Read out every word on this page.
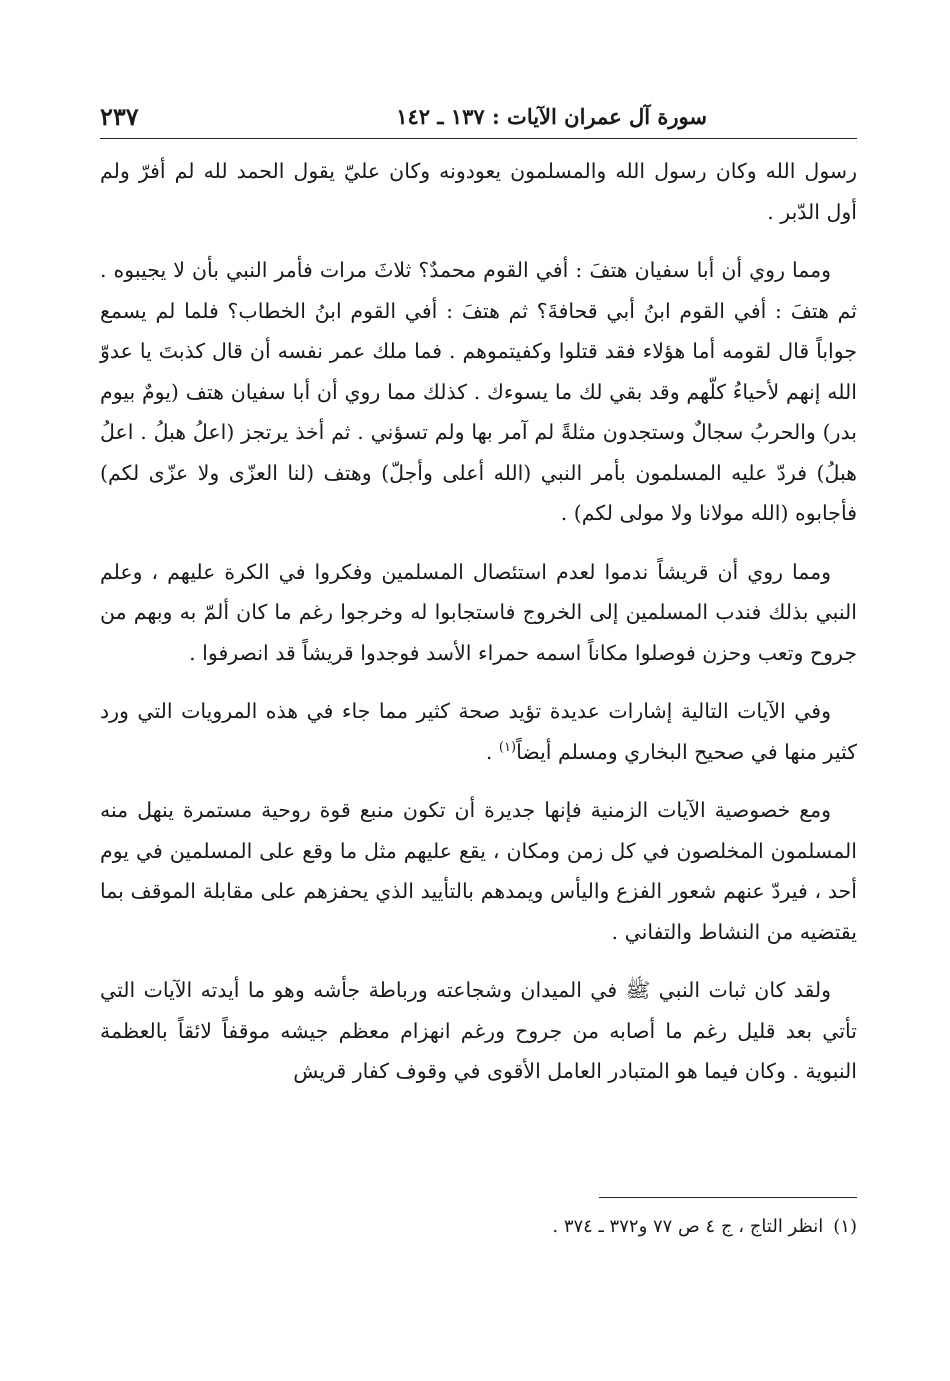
سورة آل عمران الآيات : ١٣٧ ـ ١٤٢
٢٣٧

رسول الله وكان رسول الله والمسلمون يعودونه وكان عليّ يقول الحمد لله لم أفرّ ولم أول الدّبر .

ومما روي أن أبا سفيان هتفَ : أفي القوم محمدٌ؟ ثلاثَ مرات فأمر النبي بأن لا يجيبوه . ثم هتفَ : أفي القوم ابنُ أبي قحافةَ؟ ثم هتفَ : أفي القوم ابنُ الخطاب؟ فلما لم يسمع جواباً قال لقومه أما هؤلاء فقد قتلوا وكفيتموهم . فما ملك عمر نفسه أن قال كذبتَ يا عدوّ الله إنهم لأحياءُ كلّهم وقد بقي لك ما يسوءك . كذلك مما روي أن أبا سفيان هتف (يومٌ بيوم بدر) والحربُ سجالٌ وستجدون مثلةً لم آمر بها ولم تسؤني . ثم أخذ يرتجز (اعلُ هبلُ . اعلُ هبلُ) فردّ عليه المسلمون بأمر النبي (الله أعلى وأجلّ) وهتف (لنا العزّى ولا عزّى لكم) فأجابوه (الله مولانا ولا مولى لكم) .

ومما روي أن قريشاً ندموا لعدم استئصال المسلمين وفكروا في الكرة عليهم ، وعلم النبي بذلك فندب المسلمين إلى الخروج فاستجابوا له وخرجوا رغم ما كان ألمّ به وبهم من جروح وتعب وحزن فوصلوا مكاناً اسمه حمراء الأسد فوجدوا قريشاً قد انصرفوا .

وفي الآيات التالية إشارات عديدة تؤيد صحة كثير مما جاء في هذه المرويات التي ورد كثير منها في صحيح البخاري ومسلم أيضاً$^{(١)}$ .

ومع خصوصية الآيات الزمنية فإنها جديرة أن تكون منبع قوة روحية مستمرة ينهل منه المسلمون المخلصون في كل زمن ومكان ، يقع عليهم مثل ما وقع على المسلمين في يوم أحد ، فيردّ عنهم شعور الفزع واليأس ويمدهم بالتأييد الذي يحفزهم على مقابلة الموقف بما يقتضيه من النشاط والتفاني .

ولقد كان ثبات النبي ﷺ في الميدان وشجاعته ورباطة جأشه وهو ما أيدته الآيات التي تأتي بعد قليل رغم ما أصابه من جروح ورغم انهزام معظم جيشه موقفاً لائقاً بالعظمة النبوية . وكان فيما هو المتبادر العامل الأقوى في وقوف كفار قريش

(١)انظر التاج ، ج ٤ ص ٧٧ و٣٧٢ ـ ٣٧٤ .
